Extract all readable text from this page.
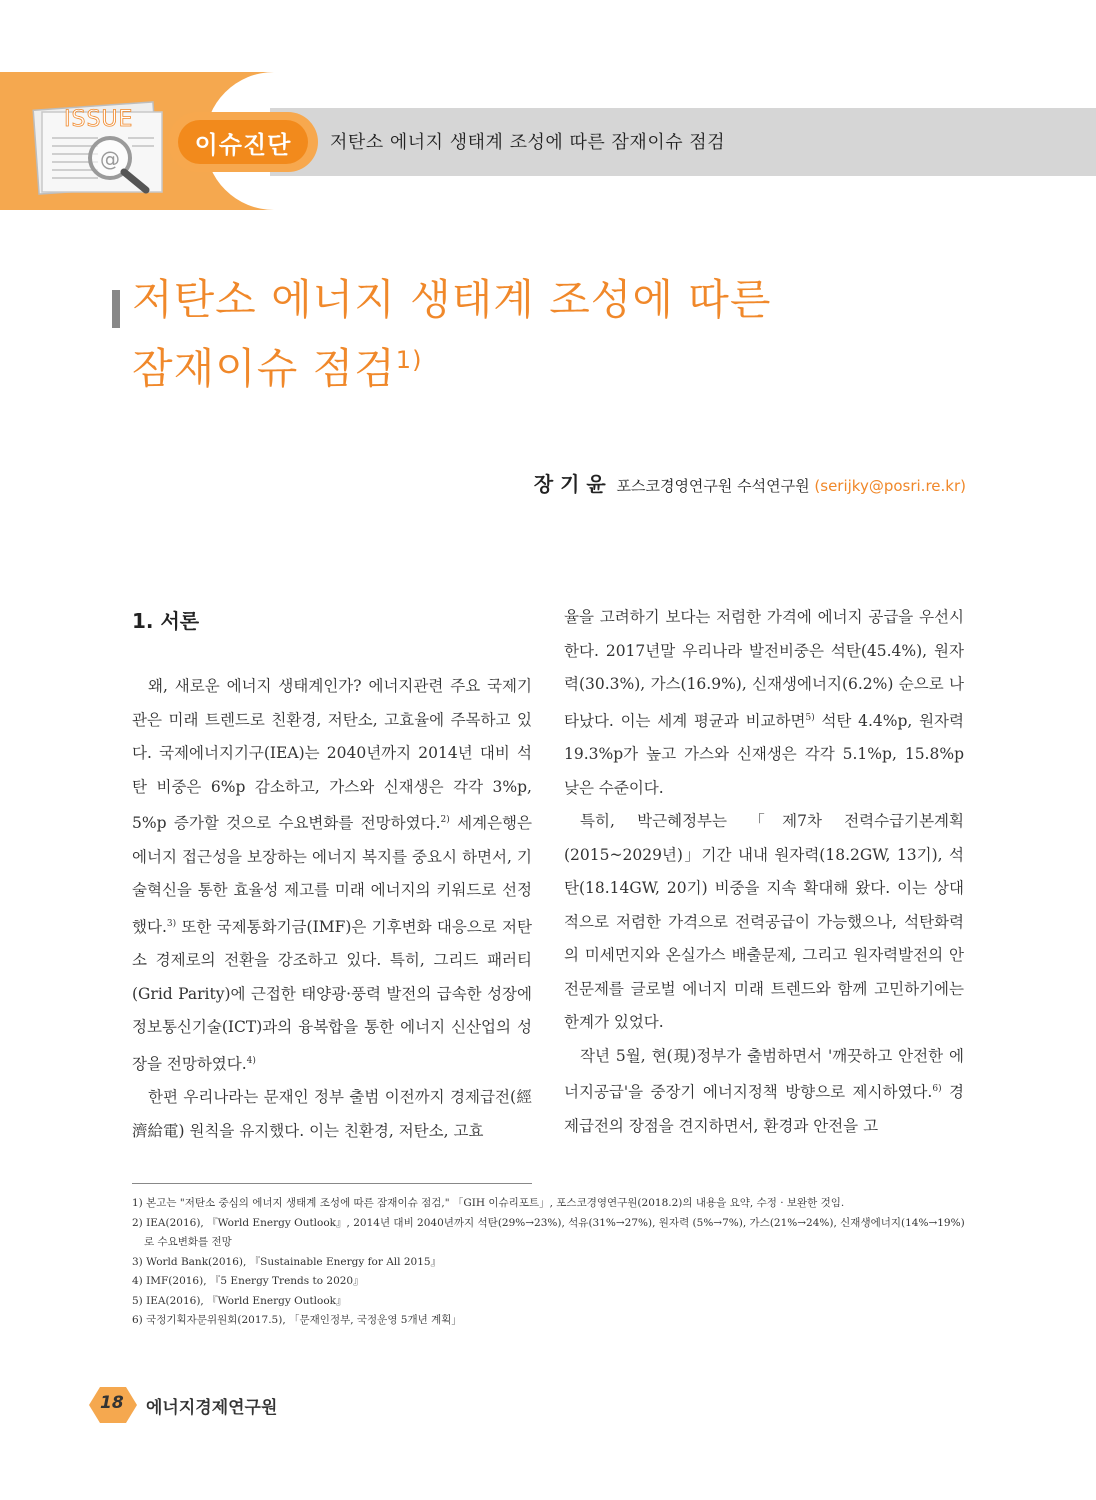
@
ISSUE
이슈진단	저탄소 에너지 생태계 조성에 따른 잠재이슈 점검
저탄소 에너지 생태계 조성에 따른
잠재이슈 점검$^{1)}$
장 기 윤 포스코경영연구원 수석연구원 (serijky@posri.re.kr)
1. 서론

왜, 새로운 에너지 생태계인가? 에너지관련 주요 국제기관은 미래 트렌드로 친환경, 저탄소, 고효율에 주목하고 있다. 국제에너지기구(IEA)는 2040년까지 2014년 대비 석탄 비중은 6%p 감소하고, 가스와 신재생은 각각 3%p, 5%p 증가할 것으로 수요변화를 전망하였다.$^{2)}$ 세계은행은 에너지 접근성을 보장하는 에너지 복지를 중요시 하면서, 기술혁신을 통한 효율성 제고를 미래 에너지의 키워드로 선정했다.$^{3)}$ 또한 국제통화기금(IMF)은 기후변화 대응으로 저탄소 경제로의 전환을 강조하고 있다. 특히, 그리드 패러티(Grid Parity)에 근접한 태양광·풍력 발전의 급속한 성장에 정보통신기술(ICT)과의 융복합을 통한 에너지 신산업의 성장을 전망하였다.$^{4)}$

한편 우리나라는 문재인 정부 출범 이전까지 경제급전(經濟給電) 원칙을 유지했다. 이는 친환경, 저탄소, 고효

율을 고려하기 보다는 저렴한 가격에 에너지 공급을 우선시 한다. 2017년말 우리나라 발전비중은 석탄(45.4%), 원자력(30.3%), 가스(16.9%), 신재생에너지(6.2%) 순으로 나타났다. 이는 세계 평균과 비교하면$^{5)}$ 석탄 4.4%p, 원자력 19.3%p가 높고 가스와 신재생은 각각 5.1%p, 15.8%p 낮은 수준이다.

특히, 박근혜정부는 「제7차 전력수급기본계획(2015~2029년)」기간 내내 원자력(18.2GW, 13기), 석탄(18.14GW, 20기) 비중을 지속 확대해 왔다. 이는 상대적으로 저렴한 가격으로 전력공급이 가능했으나, 석탄화력의 미세먼지와 온실가스 배출문제, 그리고 원자력발전의 안전문제를 글로벌 에너지 미래 트렌드와 함께 고민하기에는 한계가 있었다.

작년 5월, 현(現)정부가 출범하면서 '깨끗하고 안전한 에너지공급'을 중장기 에너지정책 방향으로 제시하였다.$^{6)}$ 경제급전의 장점을 견지하면서, 환경과 안전을 고

1) 본고는 "저탄소 중심의 에너지 생태계 조성에 따른 잠재이슈 점검," 「GIH 이슈리포트」, 포스코경영연구원(2018.2)의 내용을 요약, 수정 · 보완한 것임.
2) IEA(2016), 『World Energy Outlook』, 2014년 대비 2040년까지 석탄(29%→23%), 석유(31%→27%), 원자력 (5%→7%), 가스(21%→24%), 신재생에너지(14%→19%)로 수요변화를 전망
3) World Bank(2016), 『Sustainable Energy for All 2015』
4) IMF(2016), 『5 Energy Trends to 2020』
5) IEA(2016), 『World Energy Outlook』
6) 국정기획자문위원회(2017.5), 「문재인정부, 국정운영 5개년 계획」
18	에너지경제연구원
